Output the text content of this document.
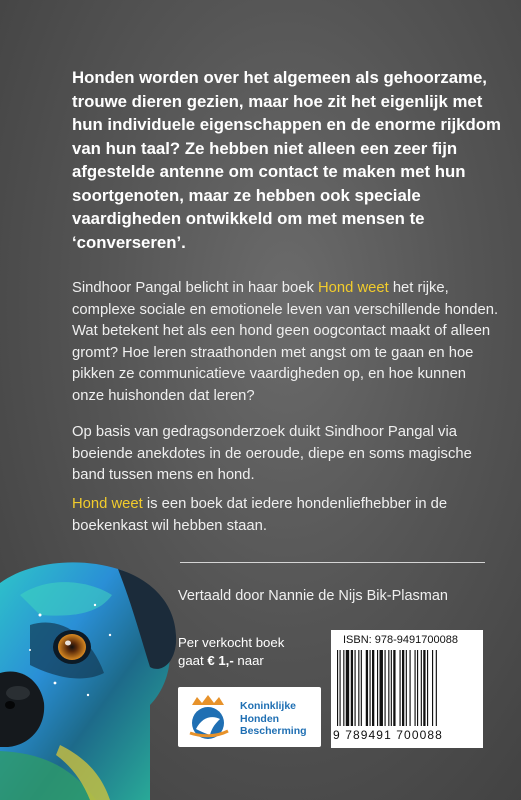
Honden worden over het algemeen als gehoorzame, trouwe dieren gezien, maar hoe zit het eigenlijk met hun individuele eigenschappen en de enorme rijkdom van hun taal? Ze hebben niet alleen een zeer fijn afgestelde antenne om contact te maken met hun soortgenoten, maar ze hebben ook speciale vaardigheden ontwikkeld om met mensen te ‘converseren’.

Sindhoor Pangal belicht in haar boek Hond weet het rijke, complexe sociale en emotionele leven van verschillende honden. Wat betekent het als een hond geen oogcontact maakt of alleen gromt? Hoe leren straathonden met angst om te gaan en hoe pikken ze communicatieve vaardigheden op, en hoe kunnen onze huishonden dat leren?

Op basis van gedragsonderzoek duikt Sindhoor Pangal via boeiende anekdotes in de oeroude, diepe en soms magische band tussen mens en hond.

Hond weet is een boek dat iedere hondenliefhebber in de boekenkast wil hebben staan.

Vertaald door Nannie de Nijs Bik-Plasman

Per verkocht boek
gaat € 1,- naar

Koninklijke
Honden
Bescherming

ISBN: 978-9491700088

9 789491 700088
